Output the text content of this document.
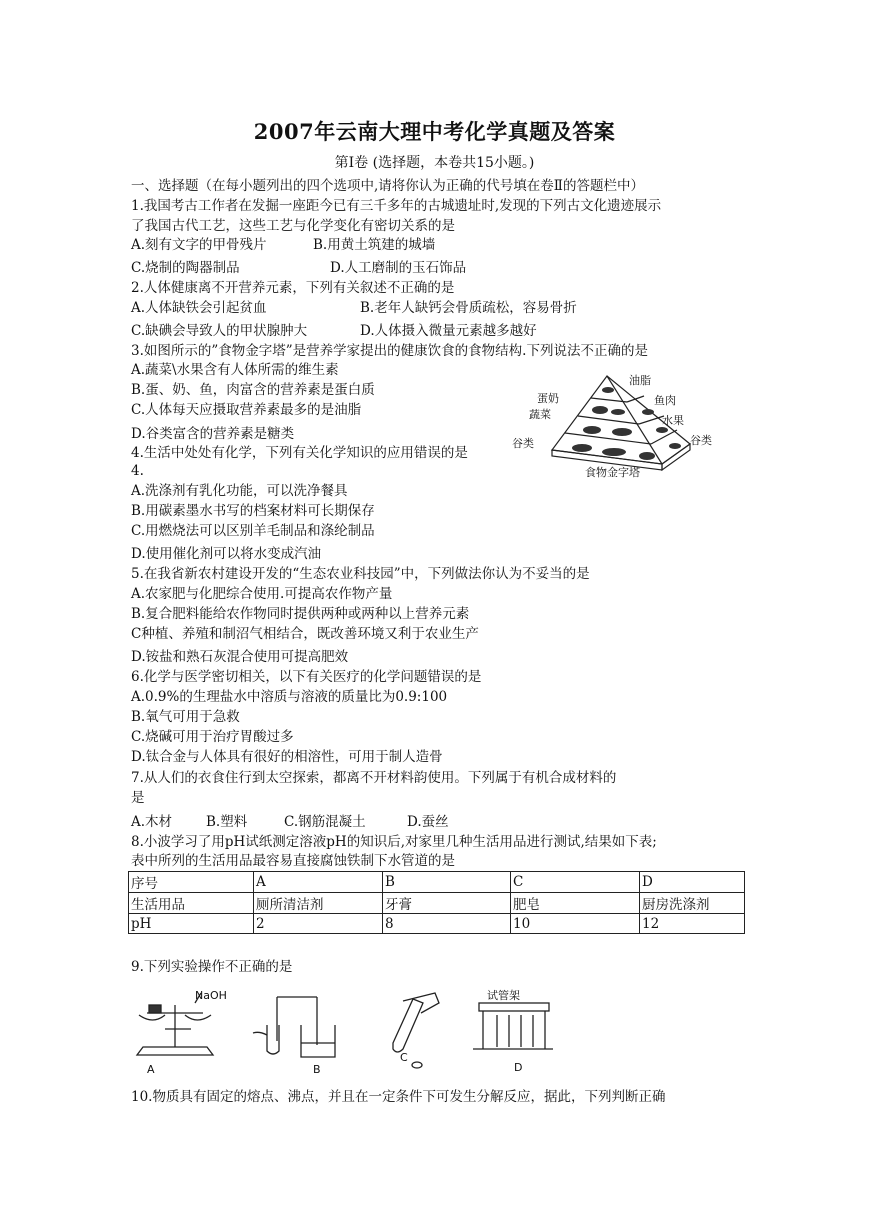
2007年云南大理中考化学真题及答案
第Ⅰ卷 (选择题，本卷共15小题。)
一、选择题（在每小题列出的四个选项中,请将你认为正确的代号填在卷Ⅱ的答题栏中）
1.我国考古工作者在发掘一座距今已有三千多年的古城遗址时,发现的下列古文化遗迹展示
了我国古代工艺，这些工艺与化学变化有密切关系的是
A.刻有文字的甲骨残片	B.用黄土筑建的城墙
C.烧制的陶器制品	D.人工磨制的玉石饰品
2.人体健康离不开营养元素，下列有关叙述不正确的是
A.人体缺铁会引起贫血	B.老年人缺钙会骨质疏松，容易骨折
C.缺碘会导致人的甲状腺肿大	D.人体摄入微量元素越多越好
3.如图所示的”食物金字塔”是营养学家提出的健康饮食的食物结构.下列说法不正确的是
A.蔬菜\水果含有人体所需的维生素
B.蛋、奶、鱼，肉富含的营养素是蛋白质
C.人体每天应摄取营养素最多的是油脂
D.谷类富含的营养素是糖类
油脂
蛋奶	鱼肉
蔬菜	水果
谷类	谷类
食物金字塔
4.生活中处处有化学，下列有关化学知识的应用错误的是
4.
A.洗涤剂有乳化功能，可以洗净餐具
B.用碳素墨水书写的档案材料可长期保存
C.用燃烧法可以区别羊毛制品和涤纶制品
D.使用催化剂可以将水变成汽油
5.在我省新农村建设开发的“生态农业科技园”中，下列做法你认为不妥当的是
A.农家肥与化肥综合使用.可提高农作物产量
B.复合肥料能给农作物同时提供两种或两种以上营养元素
C种植、养殖和制沼气相结合，既改善环境又利于农业生产
D.铵盐和熟石灰混合使用可提高肥效
6.化学与医学密切相关，以下有关医疗的化学问题错误的是
A.0.9%的生理盐水中溶质与溶液的质量比为0.9:100
B.氧气可用于急救
C.烧碱可用于治疗胃酸过多
D.钛合金与人体具有很好的相溶性，可用于制人造骨
7.从人们的衣食住行到太空探索，都离不开材料韵使用。下列属于有机合成材料的
是
A.木材	B.塑料	C.钢筋混凝土	D.蚕丝
8.小波学习了用pH试纸测定溶液pH的知识后,对家里几种生活用品进行测试,结果如下表;
表中所列的生活用品最容易直接腐蚀铁制下水管道的是
序号	A	B	C	D
生活用品	厕所清洁剂	牙膏	肥皂	厨房洗涤剂
pH	2	8	10	12
9.下列实验操作不正确的是
NaOH	试管架
A	B
C
D
10.物质具有固定的熔点、沸点，并且在一定条件下可发生分解反应，据此，下列判断正确
